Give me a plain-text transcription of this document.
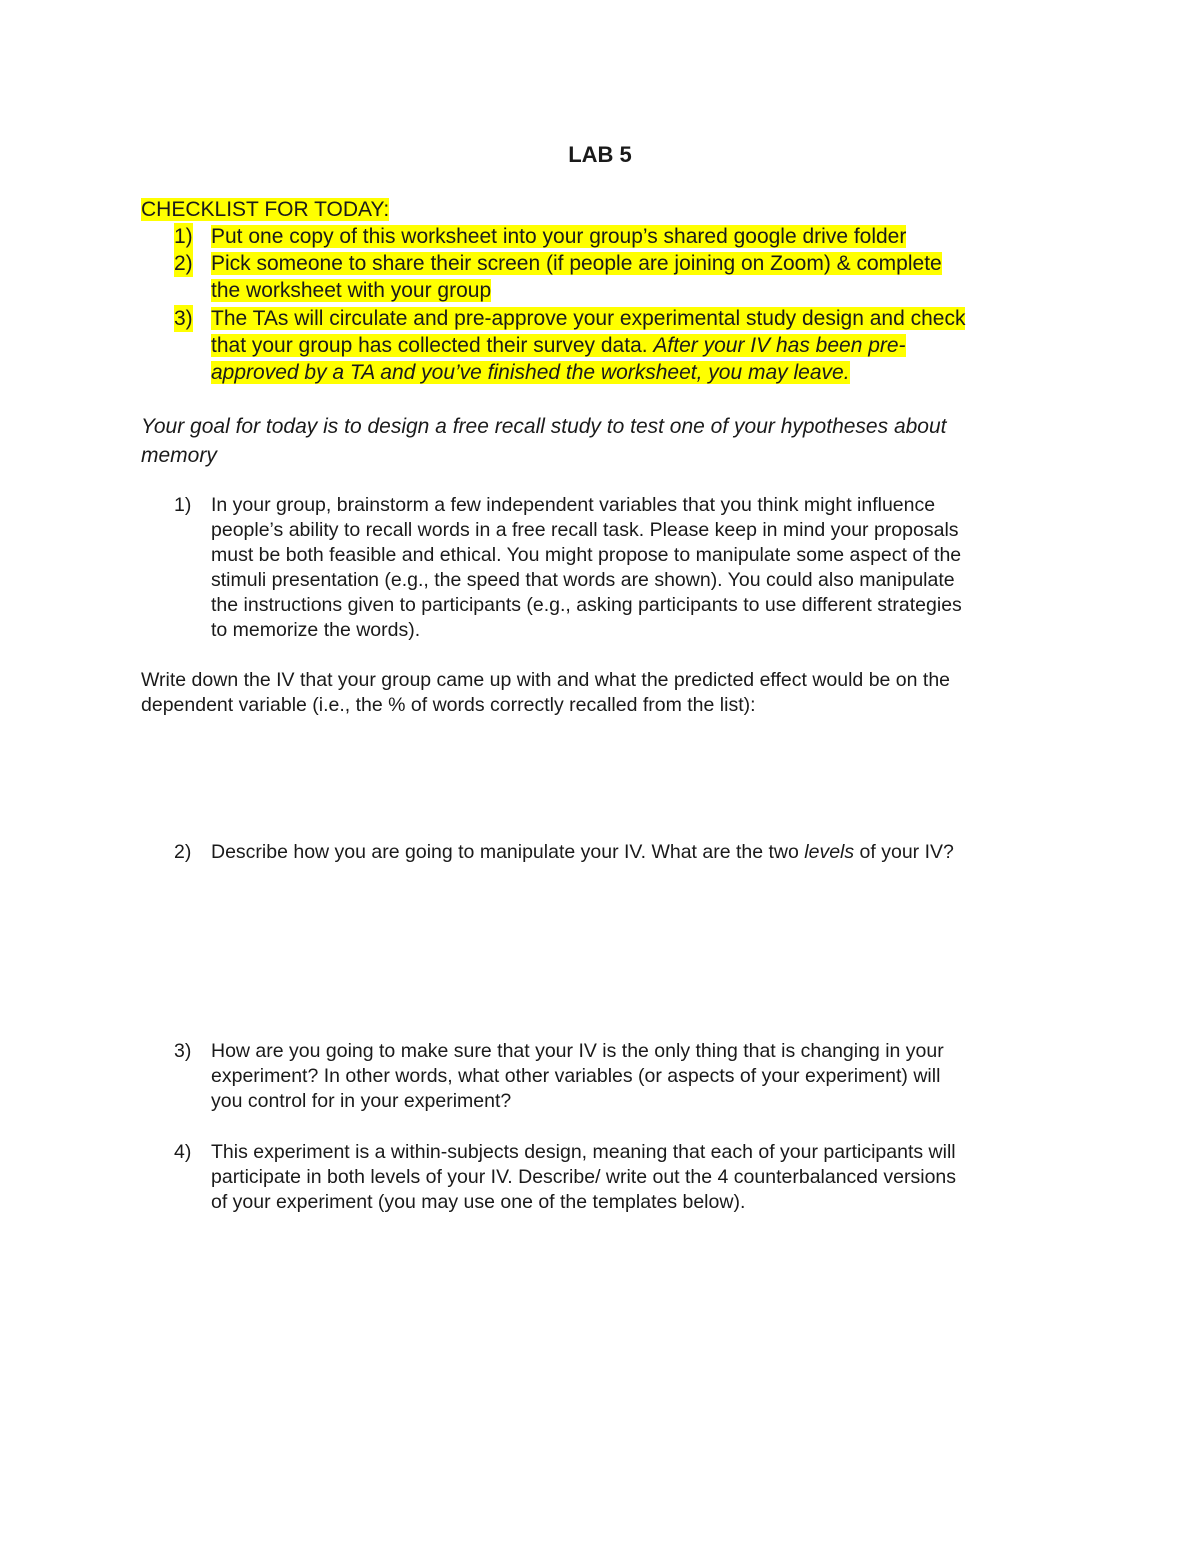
LAB 5
CHECKLIST FOR TODAY:
1) Put one copy of this worksheet into your group’s shared google drive folder
2) Pick someone to share their screen (if people are joining on Zoom) & complete
the worksheet with your group
3) The TAs will circulate and pre-approve your experimental study design and check
that your group has collected their survey data. After your IV has been pre-
approved by a TA and you’ve finished the worksheet, you may leave.
Your goal for today is to design a free recall study to test one of your hypotheses about
memory
1) In your group, brainstorm a few independent variables that you think might influence
people’s ability to recall words in a free recall task. Please keep in mind your proposals
must be both feasible and ethical. You might propose to manipulate some aspect of the
stimuli presentation (e.g., the speed that words are shown). You could also manipulate
the instructions given to participants (e.g., asking participants to use different strategies
to memorize the words).
Write down the IV that your group came up with and what the predicted effect would be on the
dependent variable (i.e., the % of words correctly recalled from the list):
2) Describe how you are going to manipulate your IV. What are the two levels of your IV?
3) How are you going to make sure that your IV is the only thing that is changing in your
experiment? In other words, what other variables (or aspects of your experiment) will
you control for in your experiment?
4) This experiment is a within-subjects design, meaning that each of your participants will
participate in both levels of your IV. Describe/ write out the 4 counterbalanced versions
of your experiment (you may use one of the templates below).
